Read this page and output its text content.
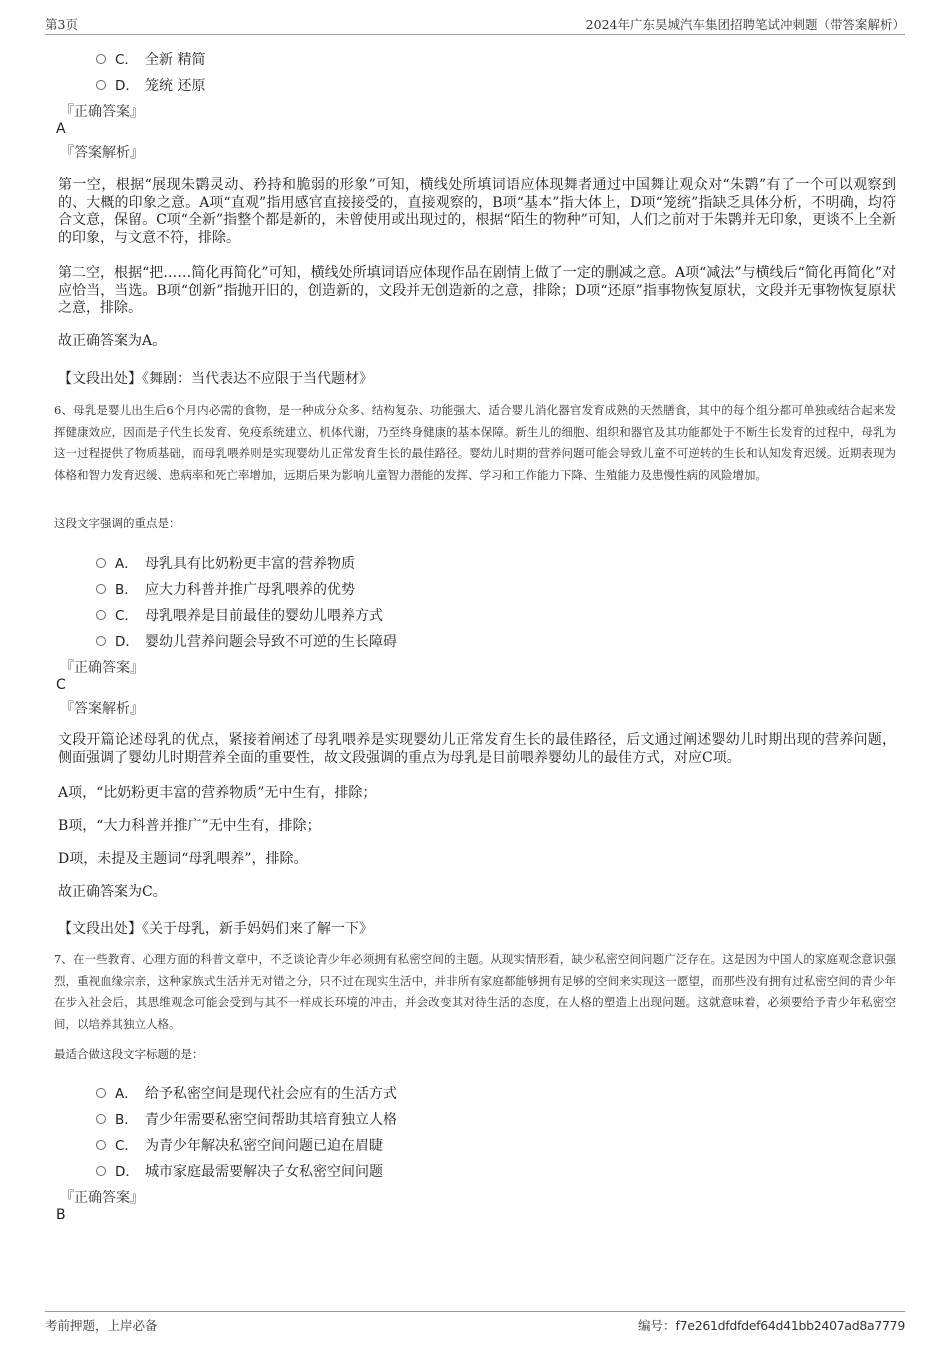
第3页	2024年广东昊城汽车集团招聘笔试冲刺题（带答案解析）
C． 全新 精简
D． 笼统 还原
『正确答案』
A
『答案解析』

第一空，根据“展现朱鹮灵动、矜持和脆弱的形象”可知，横线处所填词语应体现舞者通过中国舞让观众对“朱鹮”有了一个可以观察到的、大概的印象之意。A项“直观”指用感官直接接受的，直接观察的，B项“基本”指大体上，D项“笼统”指缺乏具体分析，不明确，均符合文意，保留。C项“全新”指整个都是新的，未曾使用或出现过的，根据“陌生的物种”可知，人们之前对于朱鹮并无印象，更谈不上全新的印象，与文意不符，排除。

第二空，根据“把……简化再简化”可知，横线处所填词语应体现作品在剧情上做了一定的删减之意。A项“减法”与横线后“简化再简化”对应恰当，当选。B项“创新”指抛开旧的，创造新的，文段并无创造新的之意，排除；D项“还原”指事物恢复原状，文段并无事物恢复原状之意，排除。

故正确答案为A。

【文段出处】《舞剧：当代表达不应限于当代题材》

6、母乳是婴儿出生后6个月内必需的食物，是一种成分众多、结构复杂、功能强大、适合婴儿消化器官发育成熟的天然膳食，其中的每个组分都可单独或结合起来发挥健康效应，因而是子代生长发育、免疫系统建立、机体代谢，乃至终身健康的基本保障。新生儿的细胞、组织和器官及其功能都处于不断生长发育的过程中，母乳为这一过程提供了物质基础，而母乳喂养则是实现婴幼儿正常发育生长的最佳路径。婴幼儿时期的营养问题可能会导致儿童不可逆转的生长和认知发育迟缓。近期表现为体格和智力发育迟缓、患病率和死亡率增加，远期后果为影响儿童智力潜能的发挥、学习和工作能力下降、生殖能力及患慢性病的风险增加。

这段文字强调的重点是：
A． 母乳具有比奶粉更丰富的营养物质
B． 应大力科普并推广母乳喂养的优势
C． 母乳喂养是目前最佳的婴幼儿喂养方式
D． 婴幼儿营养问题会导致不可逆的生长障碍
『正确答案』
C
『答案解析』

文段开篇论述母乳的优点，紧接着阐述了母乳喂养是实现婴幼儿正常发育生长的最佳路径，后文通过阐述婴幼儿时期出现的营养问题，侧面强调了婴幼儿时期营养全面的重要性，故文段强调的重点为母乳是目前喂养婴幼儿的最佳方式，对应C项。

A项，“比奶粉更丰富的营养物质”无中生有，排除；

B项，“大力科普并推广”无中生有，排除；

D项，未提及主题词“母乳喂养”，排除。

故正确答案为C。

【文段出处】《关于母乳，新手妈妈们来了解一下》

7、在一些教育、心理方面的科普文章中，不乏谈论青少年必须拥有私密空间的主题。从现实情形看，缺少私密空间问题广泛存在。这是因为中国人的家庭观念意识强烈，重视血缘宗亲，这种家族式生活并无对错之分，只不过在现实生活中，并非所有家庭都能够拥有足够的空间来实现这一愿望，而那些没有拥有过私密空间的青少年在步入社会后，其思维观念可能会受到与其不一样成长环境的冲击，并会改变其对待生活的态度，在人格的塑造上出现问题。这就意味着，必须要给予青少年私密空间，以培养其独立人格。

最适合做这段文字标题的是：
A． 给予私密空间是现代社会应有的生活方式
B． 青少年需要私密空间帮助其培育独立人格
C． 为青少年解决私密空间问题已迫在眉睫
D． 城市家庭最需要解决子女私密空间问题
『正确答案』
B
考前押题，上岸必备	编号：f7e261dfdfdef64d41bb2407ad8a7779
